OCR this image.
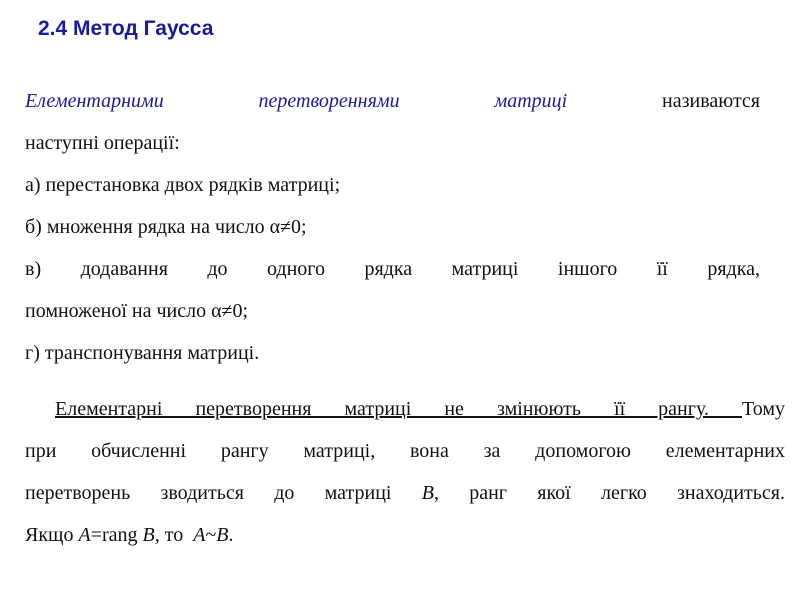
2.4 Метод Гаусса
Елементарними перетвореннями матриці	називаются
наступні операції:
а) перестановка двох рядків матриці;
б) множення рядка на число α≠0;
в) додавання до одного рядка матриці іншого її рядка,
помноженої на число α≠0;
г) транспонування матриці.
Елементарні перетворення матриці не змінюють її рангу. Тому
при обчисленні рангу матриці, вона за допомогою елементарних
перетворень зводиться до матриці B, ранг якої легко знаходиться.
Якщо A=rang B, то  A~B.
